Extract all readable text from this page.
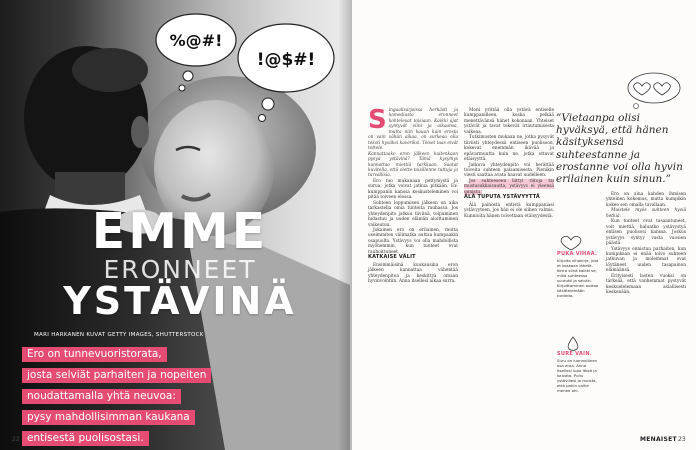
%@#!
!@$#!
EMME
ERONNEET
YSTÄVINÄ
MARI HARKANEN KUVAT GETTY IMAGES, SHUTTERSTOCK
Ero on tunnevuoristorata,
josta selviät parhaiten ja nopeiten
noudattamalla yhtä neuvoa:
pysy mahdollisimman kaukana
entisestä puolisostasi.
22
S ingaalisarjoissa herkästi ja komediasta eronneet kohtelevat toisiaan. Kaikki ajat syntyvät viini ja aikaansa, mutta niin kauan kuin erosta on vain vähän aikaa, on surkeaa olla teksti hyväksi kaveriksi. Toiset taas eivät tottele.

Kannattaako eron jälkeen kuitenkaan pysyä ystävinä? Tämä kysymys kannattaa miettiä tarkkaan. Saatat kuvitella, että olette toisillenne tuttuja ja turvallisia.

Ero tuo mukanaan pettymystä ja surua, jotka voivat jatkua pitkään. Ex-kumppanin kanssa keskusteleminen voi pitää toiveen elossa.

Suhteen loppumisen jälkeen on aika tarkastella omia tunteita rauhassa. Jos yhteydenpito jatkuu tiiviinä, toipuminen hidastuu ja uuden elämän aloittaminen vaikeutuu.

Jokainen ero on erilainen, mutta useimmiten välimatka auttaa kumpaakin osapuolta. Ystävyys voi olla mahdollista myöhemmin, kun tunteet ovat rauhoittuneet.

KATKAISE VÄLIT

Ensimmäisinä kuukausina eron jälkeen kannattaa vähentää yhteydenpitoa ja keskittyä omaan hyvinvointiin. Anna itsellesi aikaa surra.

Moni yrittää olla ystävä entiselle kumppanilleen, koska pelkää menettävänsä hänet kokonaan. Yhteiset ystävät ja tavat tekevät irtautumisesta vaikeaa.

Tutkimusten mukaan ne, jotka pysyvät tiiviisti yhteydessä entiseen puolisoon, kokevat enemmän ikävää ja epävarmuutta kuin ne, jotka ottavat etäisyyttä.

Jatkuva yhteydenpito voi herättää toiveita suhteen palaamisesta. Pienikin viesti saattaa avata haavat uudelleen.

Jos suhteeseen liittyi riitoja tai mustasukkaisuutta, ystävyys ei yleensä onnistu.

ÄLÄ TUPUTA YSTÄVYYTTÄ

Älä painosta entistä kumppaniasi ystävyyteen, jos hän ei ole siihen valmis. Kunnioita hänen toivettaan etäisyydestä.

”Vietaanpa olisi hyväksyä, että hänen käsityksensä suhteestanne ja erostanne voi olla hyvin erilainen kuin sinun.”
PUKA VIHAA.
Kirjoita vihakirje, jota et koskaan lähetä. Kerro siinä kaikki se, mikä suhteessa suututti ja satutti. Kirjoittaminen auttaa käsittelemään tunteita.
SURE VAIN.
Suru on luonnollinen osa eroa. Anna itsellesi lupa itkeä ja kaivata. Puhu ystävillesi ja muista, että pahin vaihe menee ohi.

Ero on aina kahden ihmisen yhteinen kokemus, mutta kumpikin kokee sen omalla tavallaan.

Muistele myös suhteen hyviä hetkiä.

Kun tunteet ovat tasaantuneet, voit miettiä, haluatko ystävystyä entisen puolisosi kanssa. Joskus ystävyys syntyy vasta vuosien päästä.

Ystävyys onnistuu parhaiten, kun kumpikaan ei enää toivo suhteen jatkuvan ja molemmat ovat löytäneet uuden tasapainon elämäänsä.

Erityisesti lasten vuoksi on tärkeää, että vanhemmat pystyvät keskustelemaan asiallisesti keskenään.

MENAISET 23
